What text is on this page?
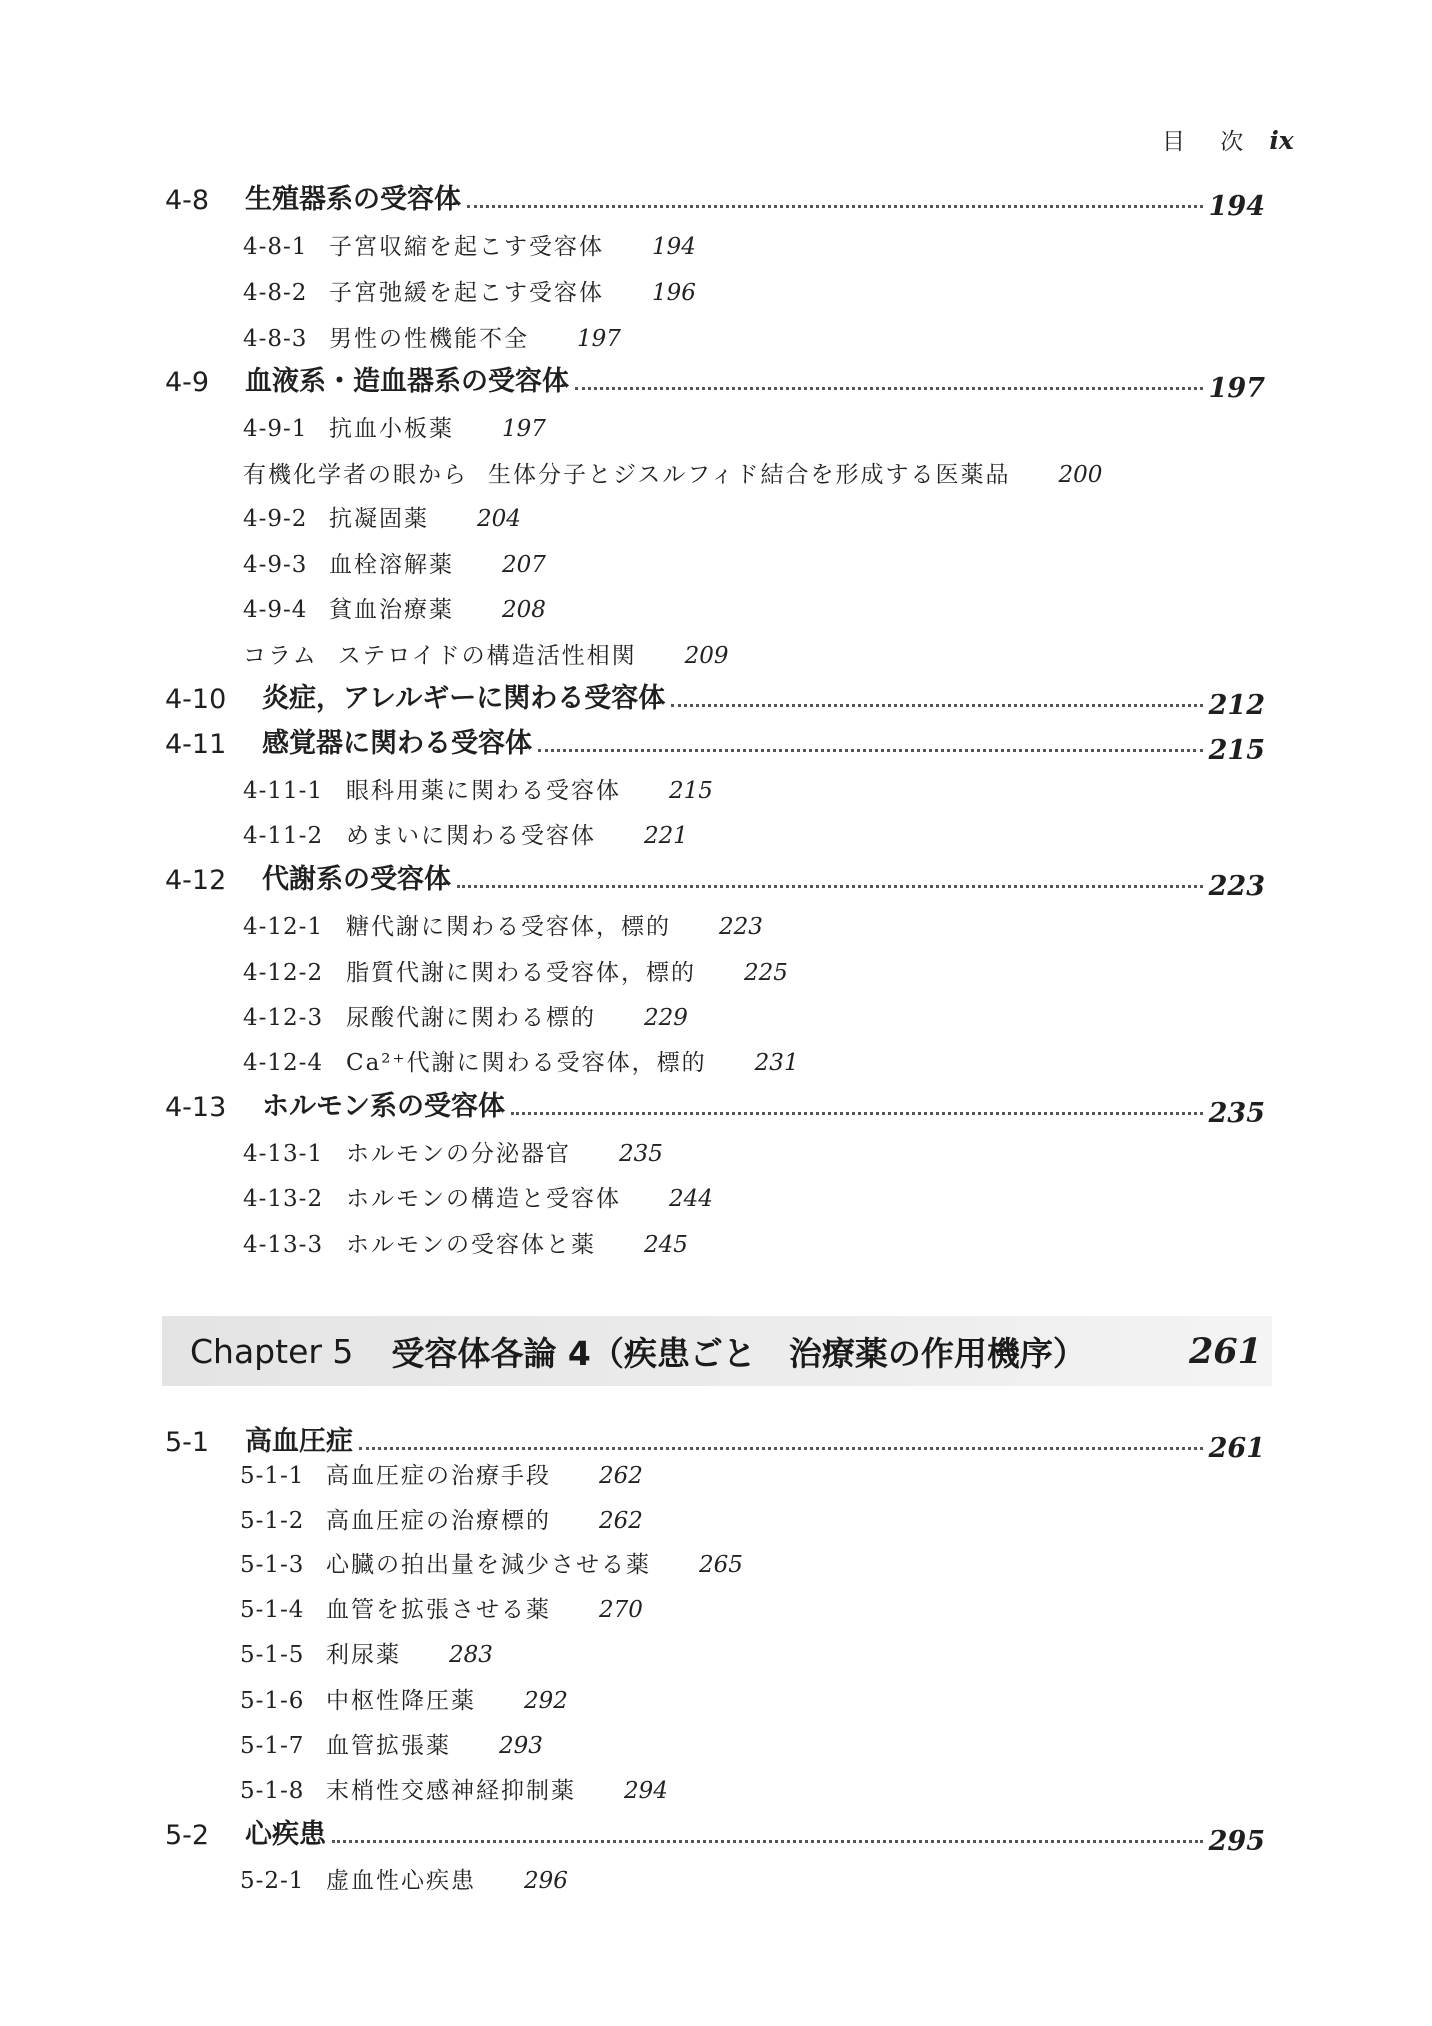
目 次 ix
4-8	生殖器系の受容体	194
4-8-1 子宮収縮を起こす受容体 194
4-8-2 子宮弛緩を起こす受容体 196
4-8-3 男性の性機能不全 197
4-9	血液系・造血器系の受容体	197
4-9-1 抗血小板薬 197
有機化学者の眼から 生体分子とジスルフィド結合を形成する医薬品 200
4-9-2 抗凝固薬 204
4-9-3 血栓溶解薬 207
4-9-4 貧血治療薬 208
コラム ステロイドの構造活性相関 209
4-10	炎症，アレルギーに関わる受容体	212
4-11	感覚器に関わる受容体	215
4-11-1 眼科用薬に関わる受容体 215
4-11-2 めまいに関わる受容体 221
4-12	代謝系の受容体	223
4-12-1 糖代謝に関わる受容体，標的 223
4-12-2 脂質代謝に関わる受容体，標的 225
4-12-3 尿酸代謝に関わる標的 229
4-12-4 Ca²⁺代謝に関わる受容体，標的 231
4-13	ホルモン系の受容体	235
4-13-1 ホルモンの分泌器官 235
4-13-2 ホルモンの構造と受容体 244
4-13-3 ホルモンの受容体と薬 245
Chapter 5 受容体各論 4（疾患ごと　治療薬の作用機序）	261
5-1	高血圧症	261
5-1-1 高血圧症の治療手段 262
5-1-2 高血圧症の治療標的 262
5-1-3 心臓の拍出量を減少させる薬 265
5-1-4 血管を拡張させる薬 270
5-1-5 利尿薬 283
5-1-6 中枢性降圧薬 292
5-1-7 血管拡張薬 293
5-1-8 末梢性交感神経抑制薬 294
5-2	心疾患	295
5-2-1 虚血性心疾患 296
